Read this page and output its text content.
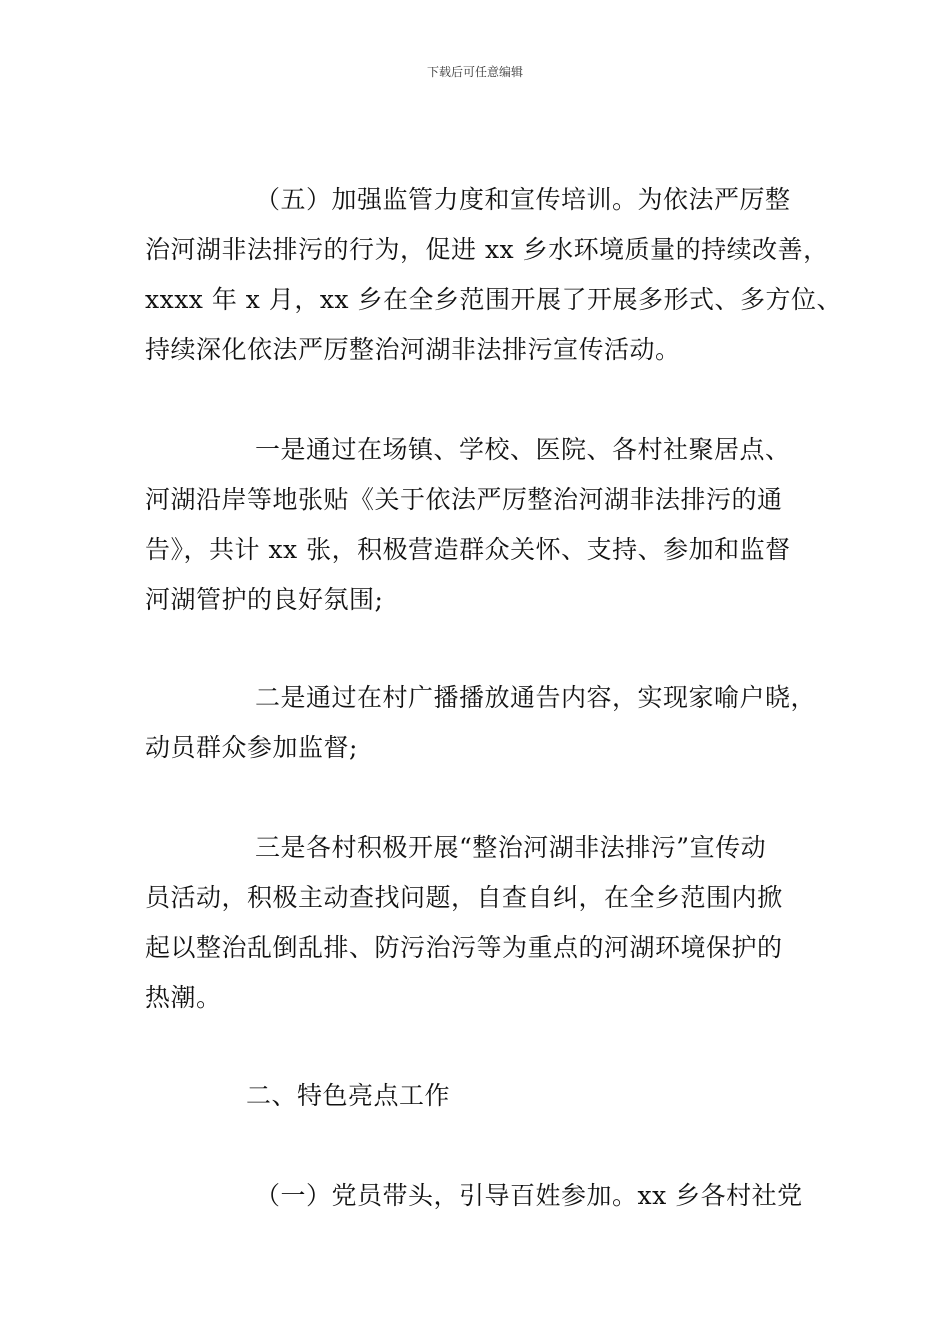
下载后可任意编辑
（五）加强监管力度和宣传培训。为依法严厉整
治河湖非法排污的行为，促进 xx 乡水环境质量的持续改善，
xxxx 年 x 月，xx 乡在全乡范围开展了开展多形式、多方位、
持续深化依法严厉整治河湖非法排污宣传活动。
一是通过在场镇、学校、医院、各村社聚居点、
河湖沿岸等地张贴《关于依法严厉整治河湖非法排污的通
告》，共计 xx 张，积极营造群众关怀、支持、参加和监督
河湖管护的良好氛围;
二是通过在村广播播放通告内容，实现家喻户晓，
动员群众参加监督;
三是各村积极开展“整治河湖非法排污”宣传动
员活动，积极主动查找问题，自查自纠，在全乡范围内掀
起以整治乱倒乱排、防污治污等为重点的河湖环境保护的
热潮。
二、特色亮点工作
（一）党员带头，引导百姓参加。xx 乡各村社党
